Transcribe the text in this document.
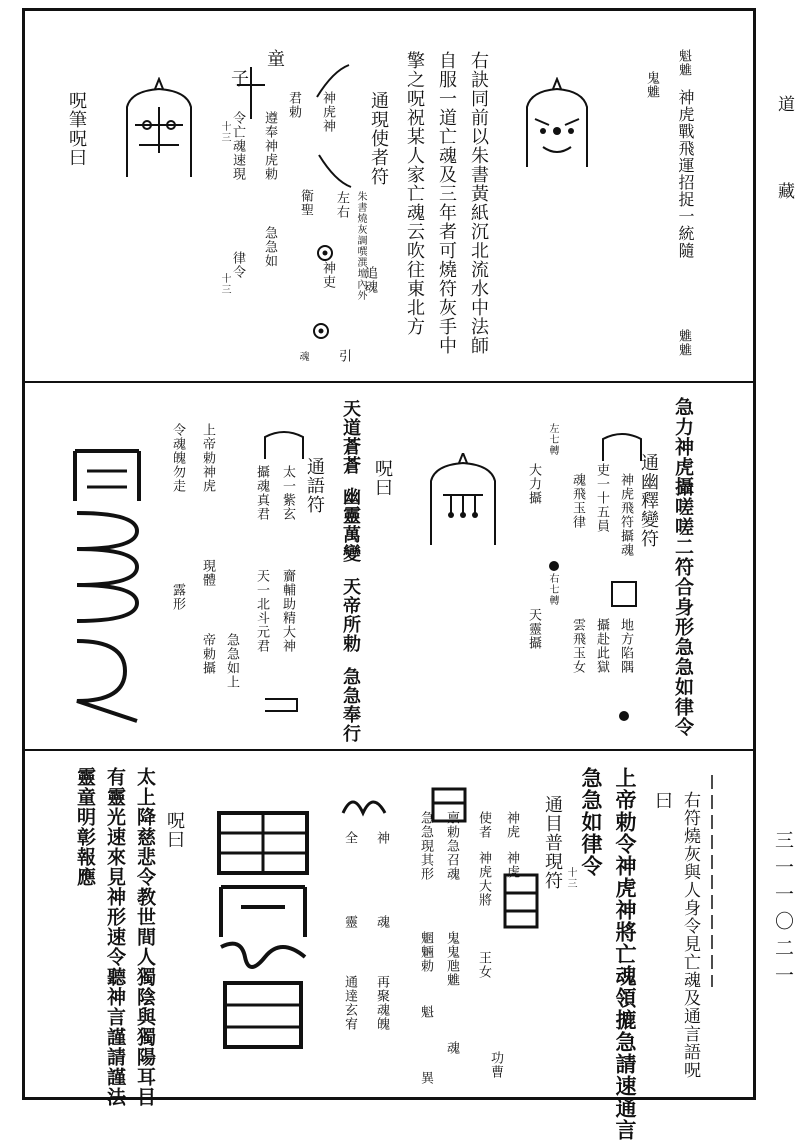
道
藏
三一一〇二一
魁魋
鬼魋
神虎戰飛運招捉一統隨
魋魋
右訣同前以朱書黃紙沉北流水中法師
自服一道亡魂及三年者可燒符灰手中
擎之呪祝某人家亡魂云吹往東北方
通現使者符
朱書燒灰調噀潠壇內外
神虎神
左右
追魂
君勅
衛聖
神吏
引
魂
童
子
遵奉神虎勅
急急如
令亡魂速現
律令
十三
十三
呪筆呪曰
急力神虎攝嗟嗟二符合身形急急如律令
通幽釋變符
神虎飛符攝魂
地方陷隅
吏一十五員
攝赴此獄
魂飛玉律
雲飛玉女
左七轉
大力攝
右七轉
天靈攝
呪曰
天道蒼蒼
幽靈萬變
天帝所勅
急急奉行
通語符
太一紫玄
齎輔助精大神
攝魂真君
天一北斗元君
急急如上
上帝勅神虎
現體
帝勅攝
令魂魄勿走
露形
右符燒灰與人身令見亡魂及通言語呪
曰
上帝勅令神虎神將亡魂領摝急請速通言
急急如律令
通目普現符 十三
神虎
使者
神虎大將
王女
神虎
功曹
禀勅急召魂
鬼鬼虺魋
魂
急急現其形
魍魎勅
魁
異
神
全
魂
靈
再聚魂魄
通達玄宥
呪曰
太上降慈悲令教世間人獨陰與獨陽耳目
有靈光速來見神形速令聽神言謹請謹法
靈童明彰報應
